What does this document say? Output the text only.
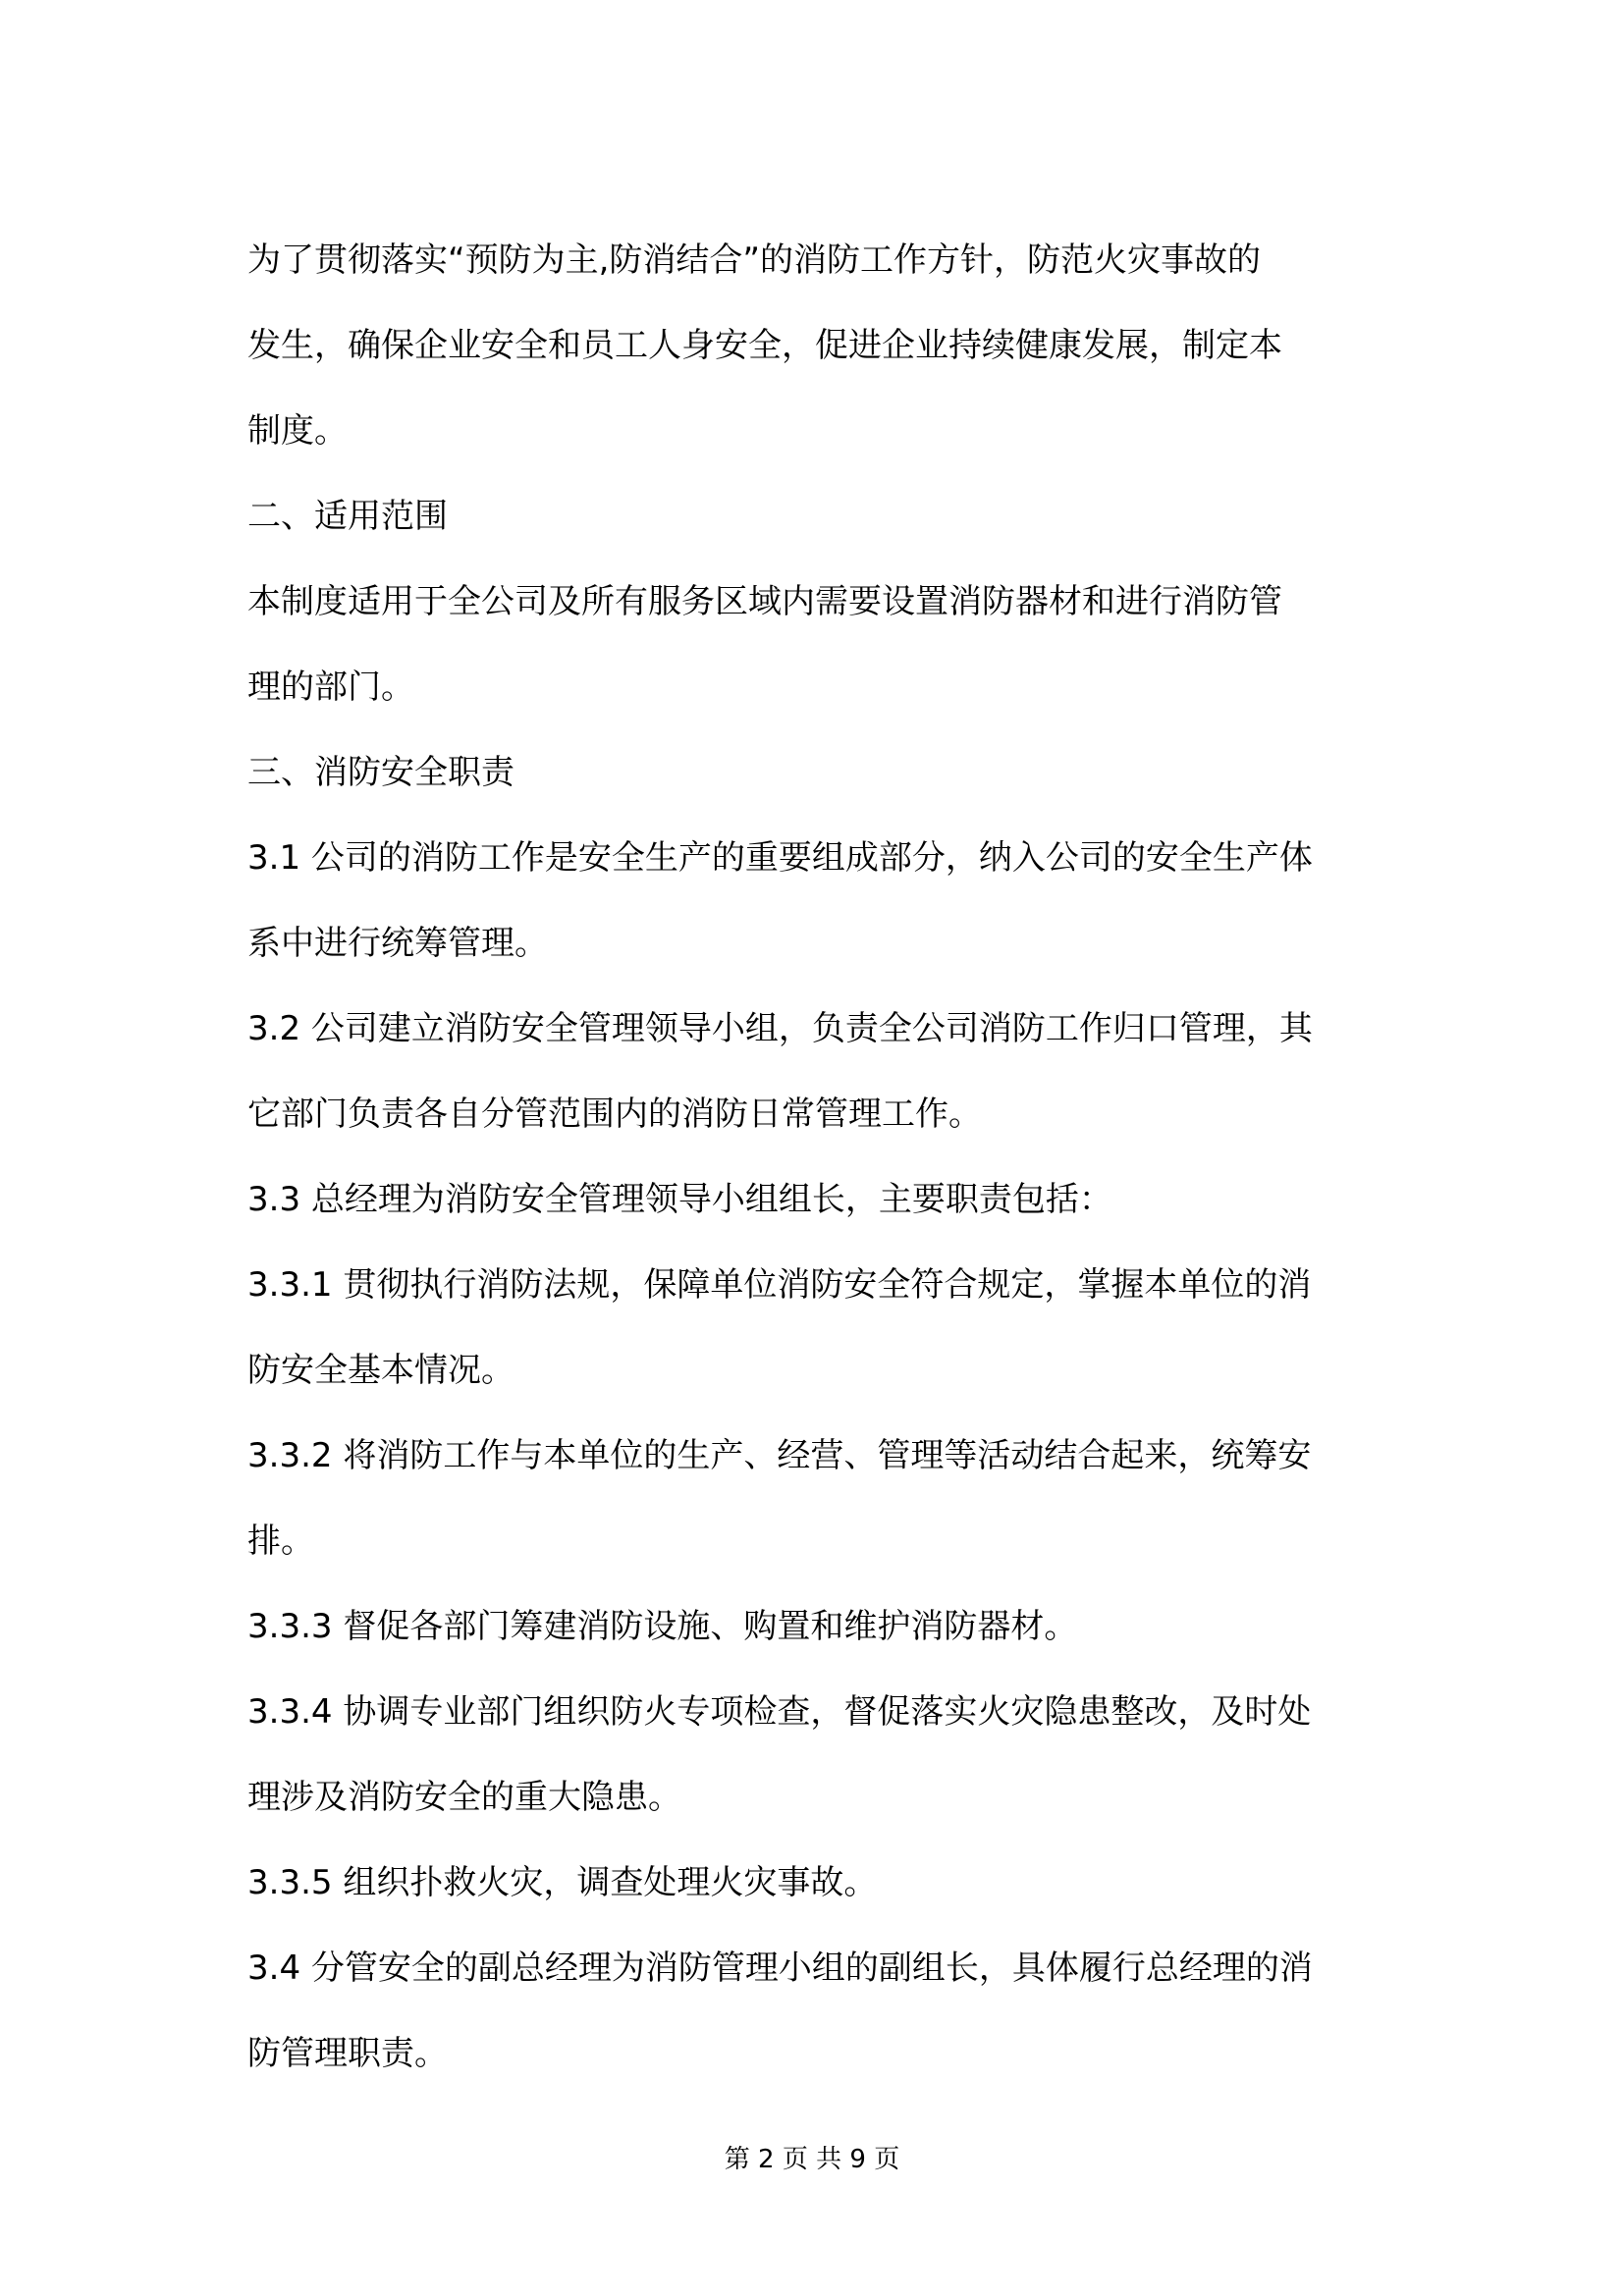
为了贯彻落实“预防为主,防消结合”的消防工作方针，防范火灾事故的
发生，确保企业安全和员工人身安全，促进企业持续健康发展，制定本
制度。
二、适用范围
本制度适用于全公司及所有服务区域内需要设置消防器材和进行消防管
理的部门。
三、消防安全职责
3.1 公司的消防工作是安全生产的重要组成部分，纳入公司的安全生产体
系中进行统筹管理。
3.2 公司建立消防安全管理领导小组，负责全公司消防工作归口管理，其
它部门负责各自分管范围内的消防日常管理工作。
3.3 总经理为消防安全管理领导小组组长，主要职责包括：
3.3.1 贯彻执行消防法规，保障单位消防安全符合规定，掌握本单位的消
防安全基本情况。
3.3.2 将消防工作与本单位的生产、经营、管理等活动结合起来，统筹安
排。
3.3.3 督促各部门筹建消防设施、购置和维护消防器材。
3.3.4 协调专业部门组织防火专项检查，督促落实火灾隐患整改，及时处
理涉及消防安全的重大隐患。
3.3.5 组织扑救火灾，调查处理火灾事故。
3.4 分管安全的副总经理为消防管理小组的副组长，具体履行总经理的消
防管理职责。
第 2 页 共 9 页
